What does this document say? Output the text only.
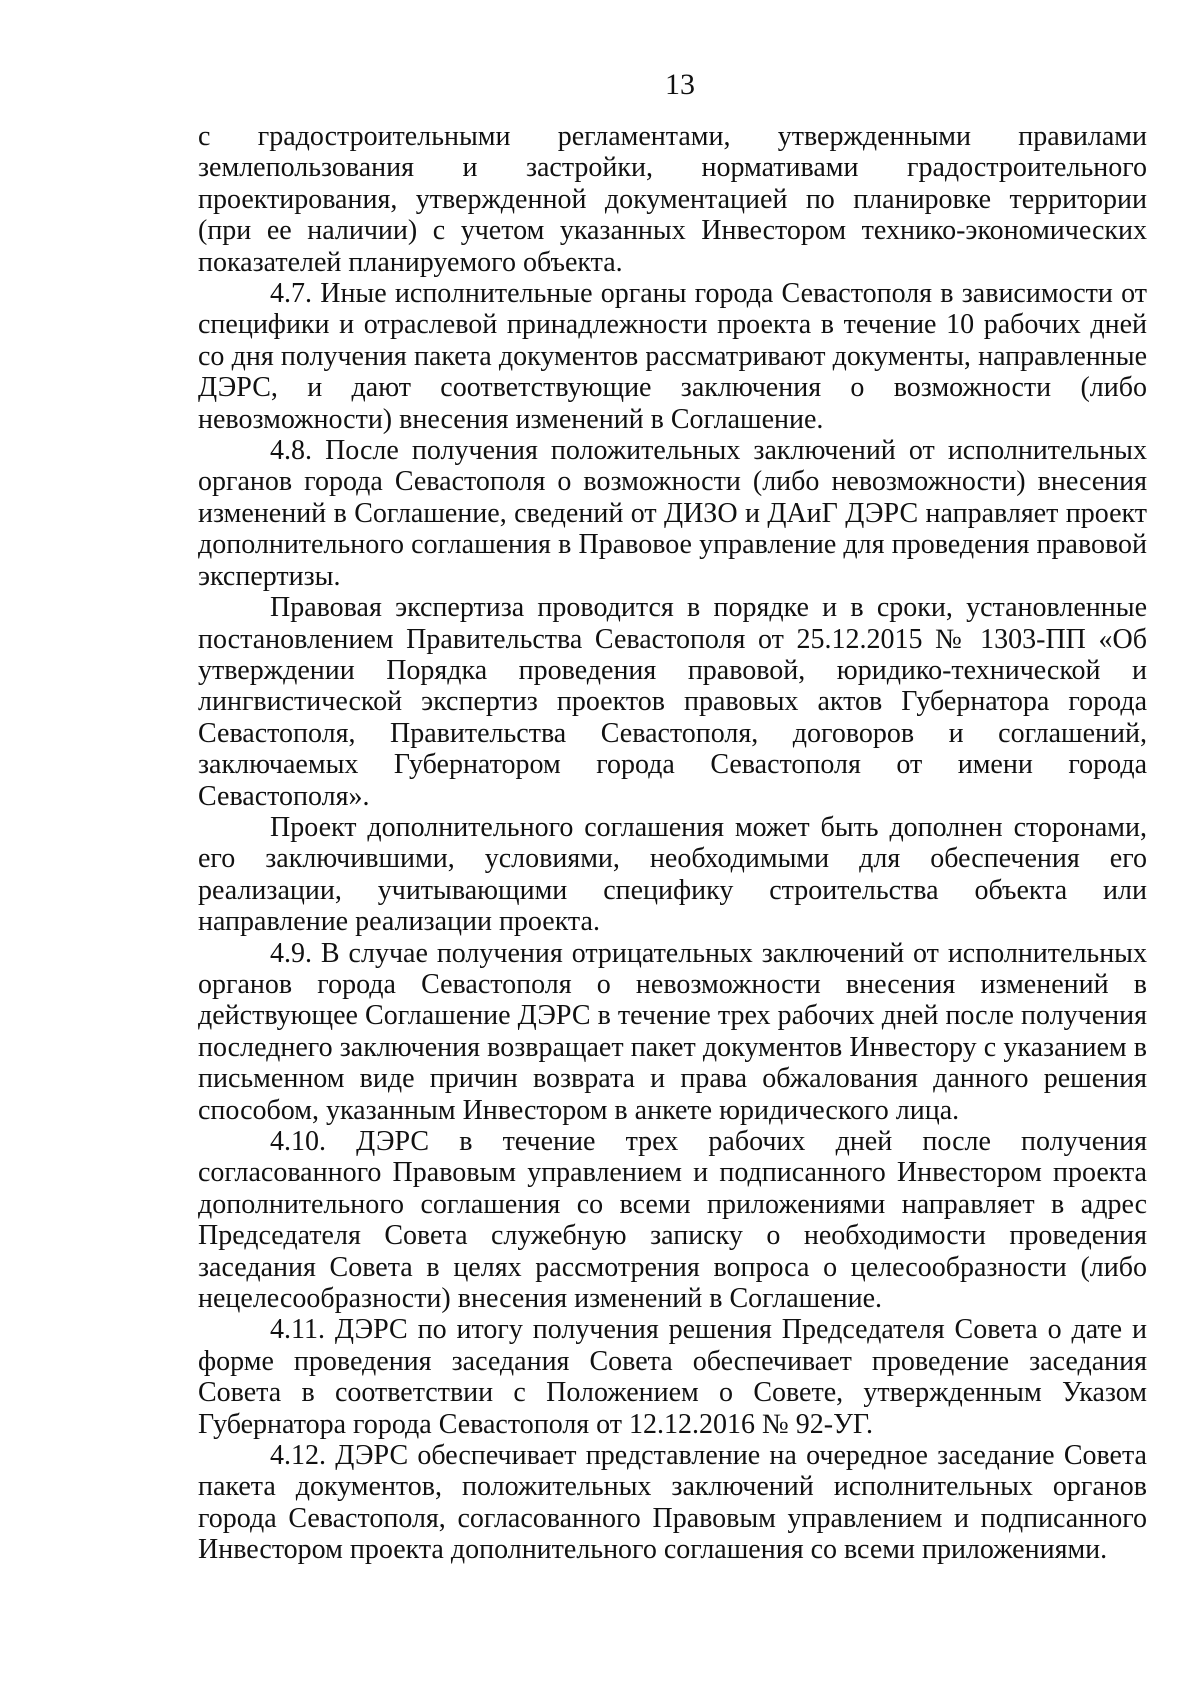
13

с градостроительными регламентами, утвержденными правилами землепользования и застройки, нормативами градостроительного проектирования, утвержденной документацией по планировке территории (при ее наличии) с учетом указанных Инвестором технико-экономических показателей планируемого объекта.

4.7. Иные исполнительные органы города Севастополя в зависимости от специфики и отраслевой принадлежности проекта в течение 10 рабочих дней со дня получения пакета документов рассматривают документы, направленные ДЭРС, и дают соответствующие заключения о возможности (либо невозможности) внесения изменений в Соглашение.

4.8. После получения положительных заключений от исполнительных органов города Севастополя о возможности (либо невозможности) внесения изменений в Соглашение, сведений от ДИЗО и ДАиГ ДЭРС направляет проект дополнительного соглашения в Правовое управление для проведения правовой экспертизы.

Правовая экспертиза проводится в порядке и в сроки, установленные постановлением Правительства Севастополя от 25.12.2015 № 1303-ПП «Об утверждении Порядка проведения правовой, юридико-технической и лингвистической экспертиз проектов правовых актов Губернатора города Севастополя, Правительства Севастополя, договоров и соглашений, заключаемых Губернатором города Севастополя от имени города Севастополя».

Проект дополнительного соглашения может быть дополнен сторонами, его заключившими, условиями, необходимыми для обеспечения его реализации, учитывающими специфику строительства объекта или направление реализации проекта.

4.9. В случае получения отрицательных заключений от исполнительных органов города Севастополя о невозможности внесения изменений в действующее Соглашение ДЭРС в течение трех рабочих дней после получения последнего заключения возвращает пакет документов Инвестору с указанием в письменном виде причин возврата и права обжалования данного решения способом, указанным Инвестором в анкете юридического лица.

4.10. ДЭРС в течение трех рабочих дней после получения согласованного Правовым управлением и подписанного Инвестором проекта дополнительного соглашения со всеми приложениями направляет в адрес Председателя Совета служебную записку о необходимости проведения заседания Совета в целях рассмотрения вопроса о целесообразности (либо нецелесообразности) внесения изменений в Соглашение.

4.11. ДЭРС по итогу получения решения Председателя Совета о дате и форме проведения заседания Совета обеспечивает проведение заседания Совета в соответствии с Положением о Совете, утвержденным Указом Губернатора города Севастополя от 12.12.2016 № 92-УГ.

4.12. ДЭРС обеспечивает представление на очередное заседание Совета пакета документов, положительных заключений исполнительных органов города Севастополя, согласованного Правовым управлением и подписанного Инвестором проекта дополнительного соглашения со всеми приложениями.
